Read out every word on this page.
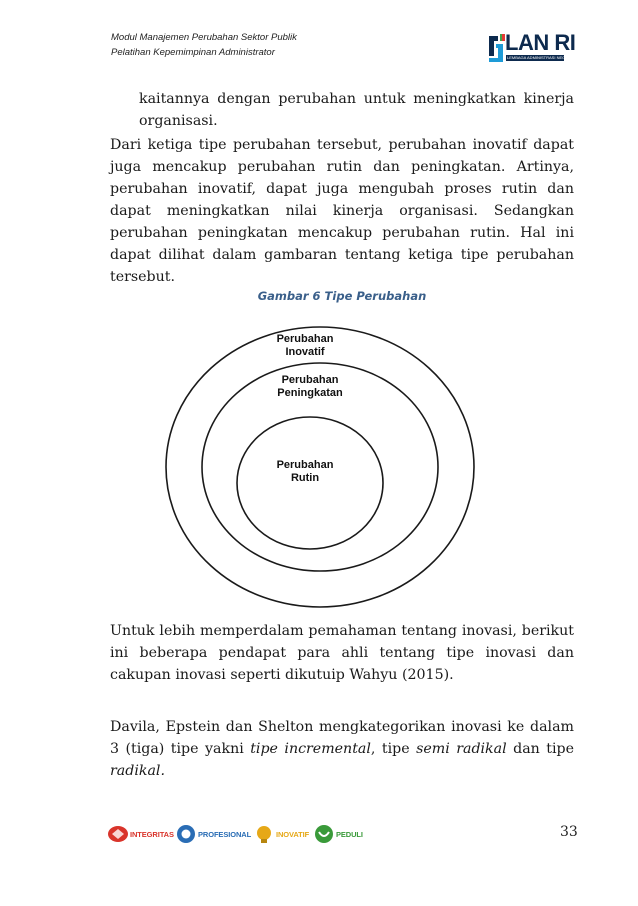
Modul Manajemen Perubahan Sektor Publik
Pelatihan Kepemimpinan Administrator	LAN RI
LEMBAGA ADMINISTRASI NEGARA

kaitannya dengan perubahan untuk meningkatkan kinerja organisasi.

Dari ketiga tipe perubahan tersebut, perubahan inovatif dapat juga mencakup perubahan rutin dan peningkatan. Artinya, perubahan inovatif, dapat juga mengubah proses rutin dan dapat meningkatkan nilai kinerja organisasi. Sedangkan perubahan peningkatan mencakup perubahan rutin. Hal ini dapat dilihat dalam gambaran tentang ketiga tipe perubahan tersebut.

Gambar 6 Tipe Perubahan
Perubahan
Inovatif
Perubahan
Peningkatan
Perubahan
Rutin

Untuk lebih memperdalam pemahaman tentang inovasi, berikut ini beberapa pendapat para ahli tentang tipe inovasi dan cakupan inovasi seperti dikutuip Wahyu (2015).

Davila, Epstein dan Shelton mengkategorikan inovasi ke dalam 3 (tiga) tipe yakni tipe incremental, tipe semi radikal dan tipe radikal.

INTEGRITAS	PROFESIONAL	INOVATIF	PEDULI	33
